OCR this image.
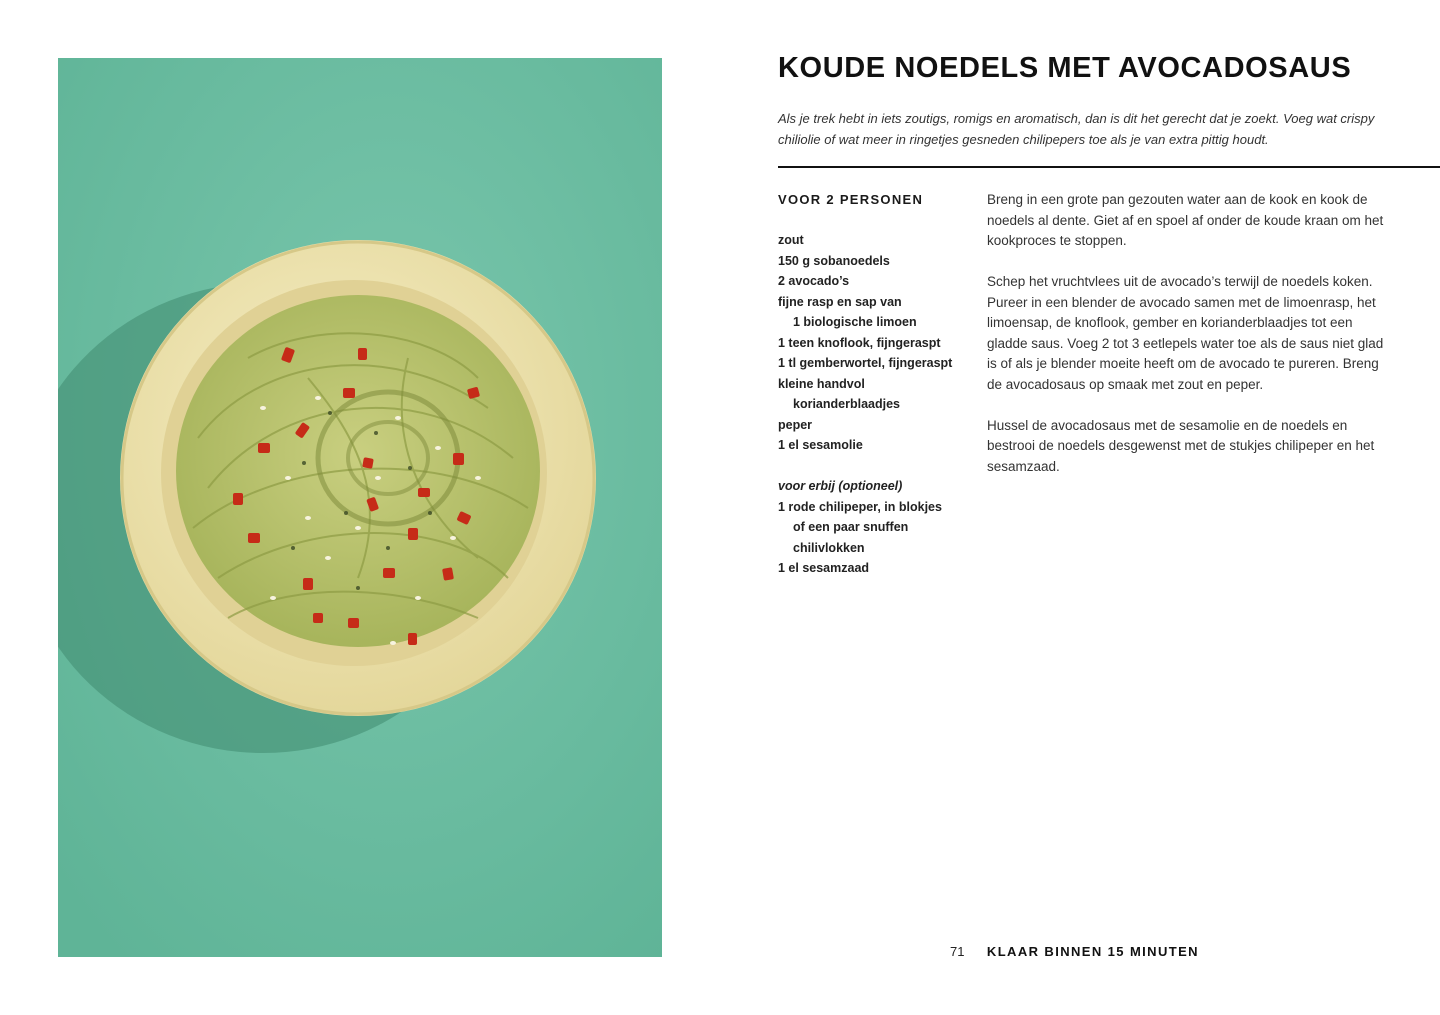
KOUDE NOEDELS MET AVOCADOSAUS

Als je trek hebt in iets zoutigs, romigs en aromatisch, dan is dit het gerecht dat je zoekt. Voeg wat crispy chiliolie of wat meer in ringetjes gesneden chilipepers toe als je van extra pittig houdt.

VOOR 2 PERSONEN
zout
150 g sobanoedels
2 avocado’s
fijne rasp en sap van
1 biologische limoen
1 teen knoflook, fijngeraspt
1 tl gemberwortel, fijngeraspt
kleine handvol
korianderblaadjes
peper
1 el sesamolie
voor erbij (optioneel)
1 rode chilipeper, in blokjes
of een paar snuffen
chilivlokken
1 el sesamzaad

Breng in een grote pan gezouten water aan de kook en kook de noedels al dente. Giet af en spoel af onder de koude kraan om het kookproces te stoppen.

Schep het vruchtvlees uit de avocado’s terwijl de noedels koken. Pureer in een blender de avocado samen met de limoenrasp, het limoensap, de knoflook, gember en korianderblaadjes tot een gladde saus. Voeg 2 tot 3 eetlepels water toe als de saus niet glad is of als je blender moeite heeft om de avocado te pureren. Breng de avocadosaus op smaak met zout en peper.

Hussel de avocadosaus met de sesamolie en de noedels en bestrooi de noedels desgewenst met de stukjes chilipeper en het sesamzaad.

71 KLAAR BINNEN 15 MINUTEN
